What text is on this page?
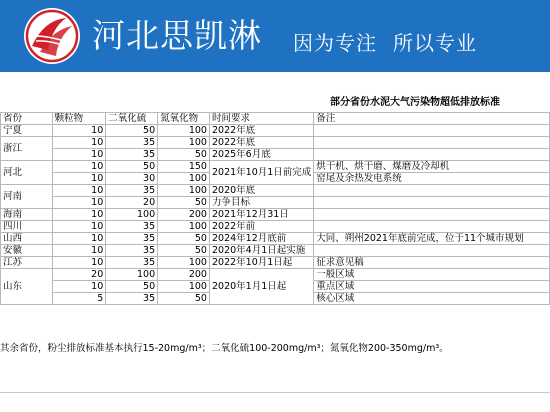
河北思凯淋 因为专注 所以专业
部分省份水泥大气污染物超低排放标准
省份	颗粒物	二氧化硫	氮氧化物	时间要求	备注
宁夏	10	50	100	2022年底	
浙江	10	35	100	2022年底	
	10	35	50	2025年6月底	
河北	10	50	150	2021年10月1日前完成	烘干机、烘干磨、煤磨及冷却机
	10	30	100		窑尾及余热发电系统
河南	10	35	100	2020年底	
	10	20	50	力争目标	
海南	10	100	200	2021年12月31日	
四川	10	35	100	2022年前	
山西	10	35	50	2024年12月底前	大同、朔州2021年底前完成，位于11个城市规划
安徽	10	35	50	2020年4月1日起实施	
江苏	10	35	100	2022年10月1日起	征求意见稿
山东	20	100	200	2020年1月1日起	一般区域
	10	50	100		重点区域
	5	35	50		核心区域
其余省份，粉尘排放标准基本执行15-20mg/m³；二氧化硫100-200mg/m³；氮氧化物200-350mg/m³。
